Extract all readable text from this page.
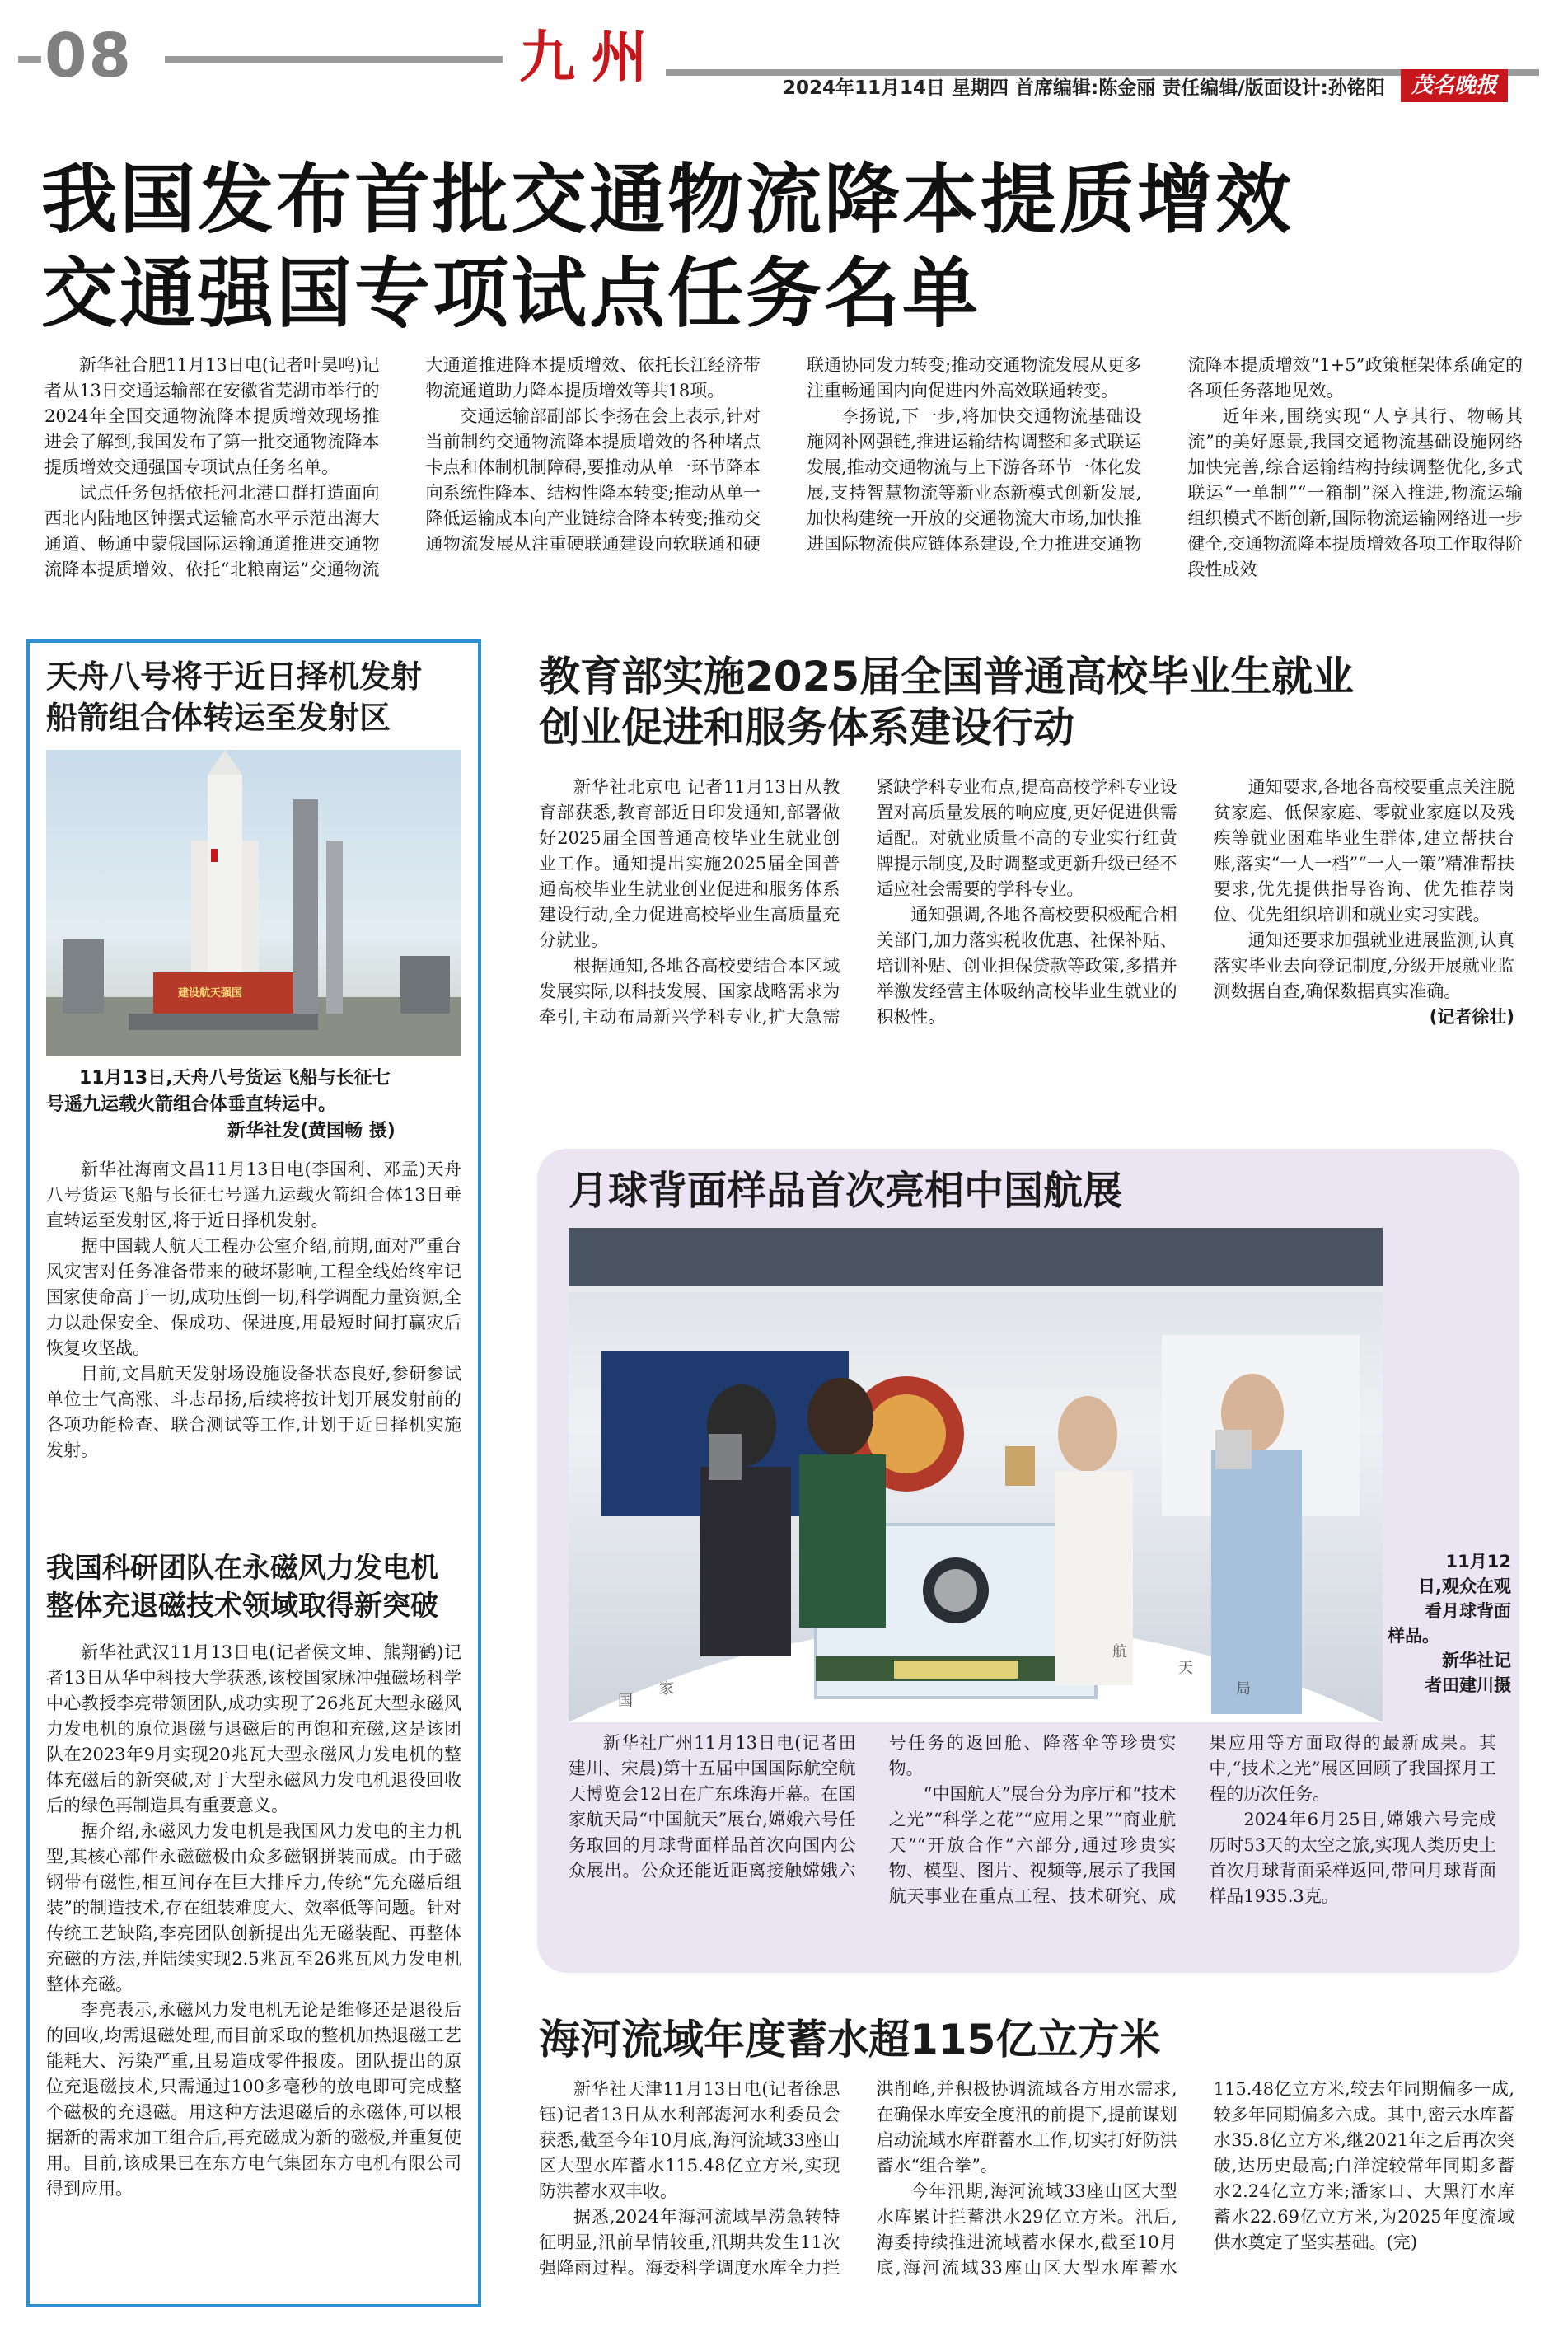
08	九 州	2024年11月14日 星期四 首席编辑:陈金丽 责任编辑/版面设计:孙铭阳	茂名晚报
我国发布首批交通物流降本提质增效
交通强国专项试点任务名单

新华社合肥11月13日电(记者叶昊鸣)记者从13日交通运输部在安徽省芜湖市举行的2024年全国交通物流降本提质增效现场推进会了解到,我国发布了第一批交通物流降本提质增效交通强国专项试点任务名单。

试点任务包括依托河北港口群打造面向西北内陆地区钟摆式运输高水平示范出海大通道、畅通中蒙俄国际运输通道推进交通物流降本提质增效、依托“北粮南运”交通物流大通道推进降本提质增效、依托长江经济带物流通道助力降本提质增效等共18项。

交通运输部副部长李扬在会上表示,针对当前制约交通物流降本提质增效的各种堵点卡点和体制机制障碍,要推动从单一环节降本向系统性降本、结构性降本转变;推动从单一降低运输成本向产业链综合降本转变;推动交通物流发展从注重硬联通建设向软联通和硬联通协同发力转变;推动交通物流发展从更多注重畅通国内向促进内外高效联通转变。

李扬说,下一步,将加快交通物流基础设施网补网强链,推进运输结构调整和多式联运发展,推动交通物流与上下游各环节一体化发展,支持智慧物流等新业态新模式创新发展,加快构建统一开放的交通物流大市场,加快推进国际物流供应链体系建设,全力推进交通物流降本提质增效“1+5”政策框架体系确定的各项任务落地见效。

近年来,围绕实现“人享其行、物畅其流”的美好愿景,我国交通物流基础设施网络加快完善,综合运输结构持续调整优化,多式联运“一单制”“一箱制”深入推进,物流运输组织模式不断创新,国际物流运输网络进一步健全,交通物流降本提质增效各项工作取得阶段性成效

天舟八号将于近日择机发射
船箭组合体转运至发射区
建设航天强国
11月13日,天舟八号货运飞船与长征七
号遥九运载火箭组合体垂直转运中。
新华社发(黄国畅 摄)

新华社海南文昌11月13日电(李国利、邓孟)天舟八号货运飞船与长征七号遥九运载火箭组合体13日垂直转运至发射区,将于近日择机发射。

据中国载人航天工程办公室介绍,前期,面对严重台风灾害对任务准备带来的破坏影响,工程全线始终牢记国家使命高于一切,成功压倒一切,科学调配力量资源,全力以赴保安全、保成功、保进度,用最短时间打赢灾后恢复攻坚战。

目前,文昌航天发射场设施设备状态良好,参研参试单位士气高涨、斗志昂扬,后续将按计划开展发射前的各项功能检查、联合测试等工作,计划于近日择机实施发射。

我国科研团队在永磁风力发电机
整体充退磁技术领域取得新突破

新华社武汉11月13日电(记者侯文坤、熊翔鹤)记者13日从华中科技大学获悉,该校国家脉冲强磁场科学中心教授李亮带领团队,成功实现了26兆瓦大型永磁风力发电机的原位退磁与退磁后的再饱和充磁,这是该团队在2023年9月实现20兆瓦大型永磁风力发电机的整体充磁后的新突破,对于大型永磁风力发电机退役回收后的绿色再制造具有重要意义。

据介绍,永磁风力发电机是我国风力发电的主力机型,其核心部件永磁磁极由众多磁钢拼装而成。由于磁钢带有磁性,相互间存在巨大排斥力,传统“先充磁后组装”的制造技术,存在组装难度大、效率低等问题。针对传统工艺缺陷,李亮团队创新提出先无磁装配、再整体充磁的方法,并陆续实现2.5兆瓦至26兆瓦风力发电机整体充磁。

李亮表示,永磁风力发电机无论是维修还是退役后的回收,均需退磁处理,而目前采取的整机加热退磁工艺能耗大、污染严重,且易造成零件报废。团队提出的原位充退磁技术,只需通过100多毫秒的放电即可完成整个磁极的充退磁。用这种方法退磁后的永磁体,可以根据新的需求加工组合后,再充磁成为新的磁极,并重复使用。目前,该成果已在东方电气集团东方电机有限公司得到应用。

教育部实施2025届全国普通高校毕业生就业
创业促进和服务体系建设行动

新华社北京电 记者11月13日从教育部获悉,教育部近日印发通知,部署做好2025届全国普通高校毕业生就业创业工作。通知提出实施2025届全国普通高校毕业生就业创业促进和服务体系建设行动,全力促进高校毕业生高质量充分就业。

根据通知,各地各高校要结合本区域发展实际,以科技发展、国家战略需求为牵引,主动布局新兴学科专业,扩大急需紧缺学科专业布点,提高高校学科专业设置对高质量发展的响应度,更好促进供需适配。对就业质量不高的专业实行红黄牌提示制度,及时调整或更新升级已经不适应社会需要的学科专业。

通知强调,各地各高校要积极配合相关部门,加力落实税收优惠、社保补贴、培训补贴、创业担保贷款等政策,多措并举激发经营主体吸纳高校毕业生就业的积极性。

通知要求,各地各高校要重点关注脱贫家庭、低保家庭、零就业家庭以及残疾等就业困难毕业生群体,建立帮扶台账,落实“一人一档”“一人一策”精准帮扶要求,优先提供指导咨询、优先推荐岗位、优先组织培训和就业实习实践。

通知还要求加强就业进展监测,认真落实毕业去向登记制度,分级开展就业监测数据自查,确保数据真实准确。

(记者徐壮)

月球背面样品首次亮相中国航展
国
家
航
天
局
11月12
日,观众在观
看月球背面
样品。
新华社记
者田建川摄

新华社广州11月13日电(记者田建川、宋晨)第十五届中国国际航空航天博览会12日在广东珠海开幕。在国家航天局“中国航天”展台,嫦娥六号任务取回的月球背面样品首次向国内公众展出。公众还能近距离接触嫦娥六号任务的返回舱、降落伞等珍贵实物。

“中国航天”展台分为序厅和“技术之光”“科学之花”“应用之果”“商业航天”“开放合作”六部分,通过珍贵实物、模型、图片、视频等,展示了我国航天事业在重点工程、技术研究、成果应用等方面取得的最新成果。其中,“技术之光”展区回顾了我国探月工程的历次任务。

2024年6月25日,嫦娥六号完成历时53天的太空之旅,实现人类历史上首次月球背面采样返回,带回月球背面样品1935.3克。

海河流域年度蓄水超115亿立方米

新华社天津11月13日电(记者徐思钰)记者13日从水利部海河水利委员会获悉,截至今年10月底,海河流域33座山区大型水库蓄水115.48亿立方米,实现防洪蓄水双丰收。

据悉,2024年海河流域旱涝急转特征明显,汛前旱情较重,汛期共发生11次强降雨过程。海委科学调度水库全力拦洪削峰,并积极协调流域各方用水需求,在确保水库安全度汛的前提下,提前谋划启动流域水库群蓄水工作,切实打好防洪蓄水“组合拳”。

今年汛期,海河流域33座山区大型水库累计拦蓄洪水29亿立方米。汛后,海委持续推进流域蓄水保水,截至10月底,海河流域33座山区大型水库蓄水115.48亿立方米,较去年同期偏多一成,较多年同期偏多六成。其中,密云水库蓄水35.8亿立方米,继2021年之后再次突破,达历史最高;白洋淀较常年同期多蓄水2.24亿立方米;潘家口、大黑汀水库蓄水22.69亿立方米,为2025年度流域供水奠定了坚实基础。(完)
